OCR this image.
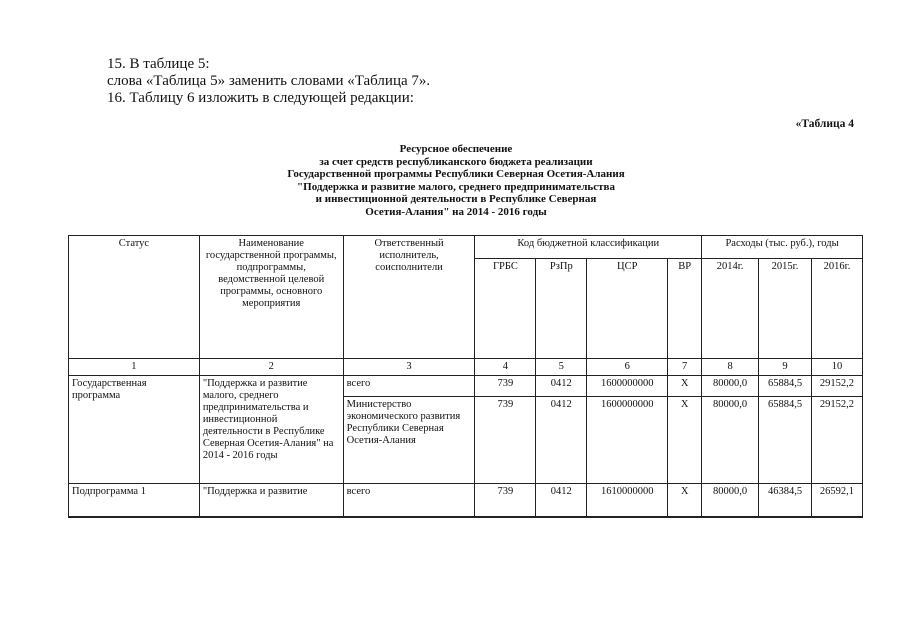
15. В таблице 5:
слова «Таблица 5» заменить словами «Таблица 7».
16. Таблицу 6 изложить в следующей редакции:
«Таблица 4
Ресурсное обеспечение
за счет средств республиканского бюджета реализации
Государственной программы Республики Северная Осетия-Алания
"Поддержка и развитие малого, среднего предпринимательства
и инвестиционной деятельности в Республике Северная
Осетия-Алания" на 2014 - 2016 годы
Статус	Наименование государственной программы, подпрограммы, ведомственной целевой программы, основного мероприятия	Ответственный исполнитель, соисполнители	Код бюджетной классификации				Расходы (тыс. руб.), годы		
			ГРБС	РзПр	ЦСР	ВР	2014г.	2015г.	2016г.
1	2	3	4	5	6	7	8	9	10
Государственная программа	"Поддержка и развитие малого, среднего предпринимательства и инвестиционной деятельности в Республике Северная Осетия-Алания" на 2014 - 2016 годы	всего	739	0412	1600000000	X	80000,0	65884,5	29152,2
		Министерство экономического развития Республики Северная Осетия-Алания	739	0412	1600000000	X	80000,0	65884,5	29152,2
Подпрограмма 1	"Поддержка и развитие	всего	739	0412	1610000000	X	80000,0	46384,5	26592,1
